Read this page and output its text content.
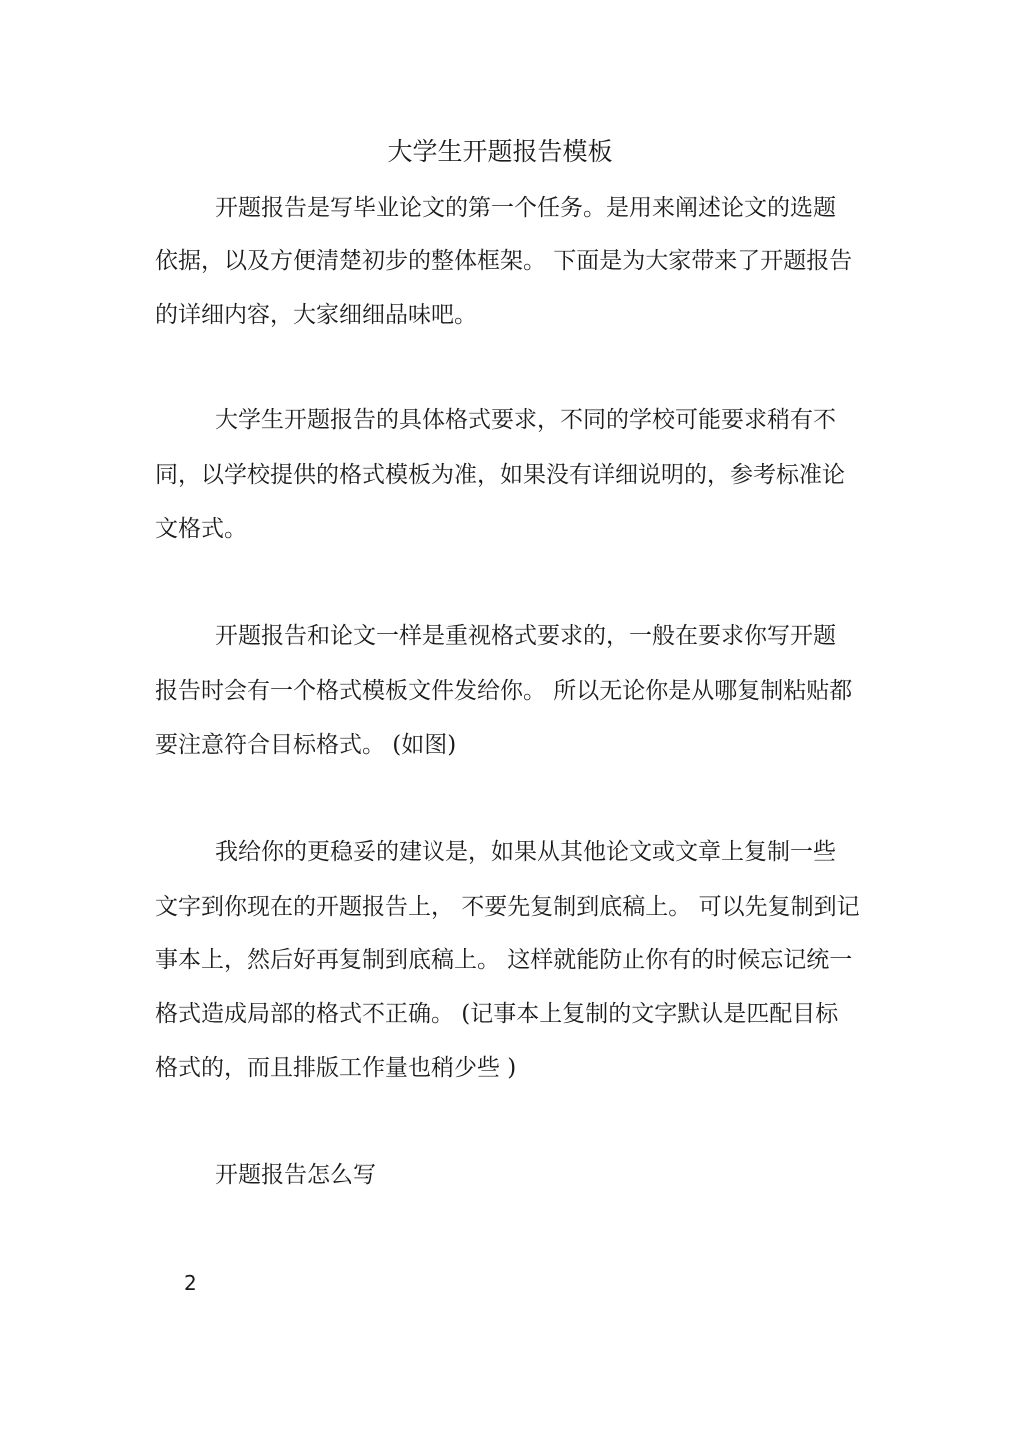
大学生开题报告模板
开题报告是写毕业论文的第一个任务。是用来阐述论文的选题
依据，以及方便清楚初步的整体框架。 下面是为大家带来了开题报告
的详细内容，大家细细品味吧。
大学生开题报告的具体格式要求，不同的学校可能要求稍有不
同，以学校提供的格式模板为准，如果没有详细说明的，参考标准论
文格式。
开题报告和论文一样是重视格式要求的，一般在要求你写开题
报告时会有一个格式模板文件发给你。 所以无论你是从哪复制粘贴都
要注意符合目标格式。 (如图)
我给你的更稳妥的建议是，如果从其他论文或文章上复制一些
文字到你现在的开题报告上， 不要先复制到底稿上。 可以先复制到记
事本上，然后好再复制到底稿上。 这样就能防止你有的时候忘记统一
格式造成局部的格式不正确。 (记事本上复制的文字默认是匹配目标
格式的，而且排版工作量也稍少些 )
开题报告怎么写
2
